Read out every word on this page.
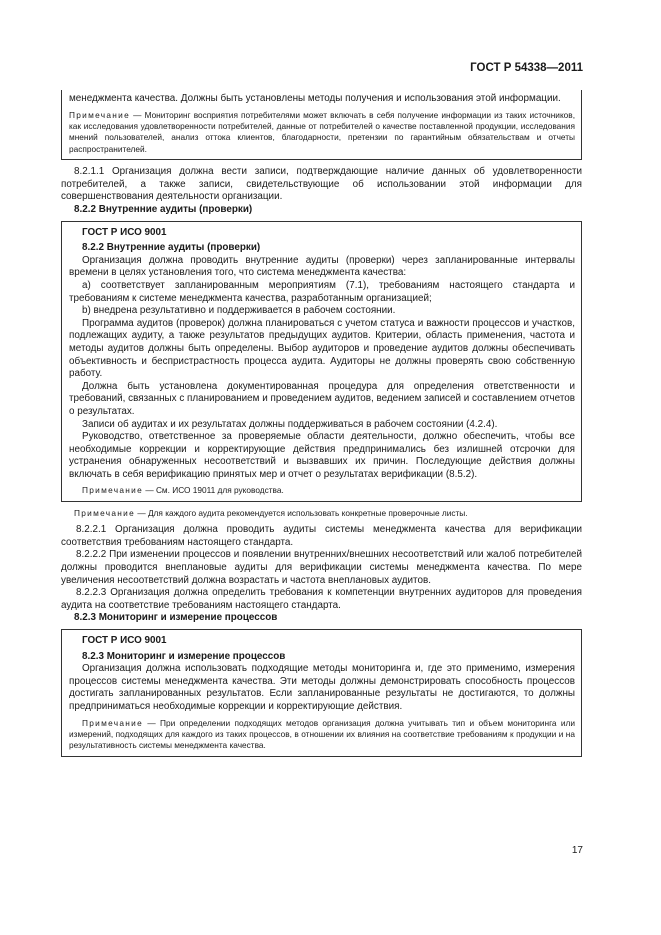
ГОСТ Р 54338—2011

менеджмента качества. Должны быть установлены методы получения и использования этой информации.

Примечание — Мониторинг восприятия потребителями может включать в себя получение информации из таких источников, как исследования удовлетворенности потребителей, данные от потребителей о качестве поставленной продукции, исследования мнений пользователей, анализ оттока клиентов, благодарности, претензии по гарантийным обязательствам и отчеты распространителей.

8.2.1.1 Организация должна вести записи, подтверждающие наличие данных об удовлетворенности потребителей, а также записи, свидетельствующие об использовании этой информации для совершенствования деятельности организации.

8.2.2 Внутренние аудиты (проверки)

ГОСТ Р ИСО 9001

8.2.2 Внутренние аудиты (проверки)

Организация должна проводить внутренние аудиты (проверки) через запланированные интервалы времени в целях установления того, что система менеджмента качества:

a) соответствует запланированным мероприятиям (7.1), требованиям настоящего стандарта и требованиям к системе менеджмента качества, разработанным организацией;

b) внедрена результативно и поддерживается в рабочем состоянии.

Программа аудитов (проверок) должна планироваться с учетом статуса и важности процессов и участков, подлежащих аудиту, а также результатов предыдущих аудитов. Критерии, область применения, частота и методы аудитов должны быть определены. Выбор аудиторов и проведение аудитов должны обеспечивать объективность и беспристрастность процесса аудита. Аудиторы не должны проверять свою собственную работу.

Должна быть установлена документированная процедура для определения ответственности и требований, связанных с планированием и проведением аудитов, ведением записей и составлением отчетов о результатах.

Записи об аудитах и их результатах должны поддерживаться в рабочем состоянии (4.2.4).

Руководство, ответственное за проверяемые области деятельности, должно обеспечить, чтобы все необходимые коррекции и корректирующие действия предпринимались без излишней отсрочки для устранения обнаруженных несоответствий и вызвавших их причин. Последующие действия должны включать в себя верификацию принятых мер и отчет о результатах верификации (8.5.2).

Примечание — См. ИСО 19011 для руководства.
Примечание — Для каждого аудита рекомендуется использовать конкретные проверочные листы.

8.2.2.1 Организация должна проводить аудиты системы менеджмента качества для верификации соответствия требованиям настоящего стандарта.

8.2.2.2 При изменении процессов и появлении внутренних/внешних несоответствий или жалоб потребителей должны проводится внеплановые аудиты для верификации системы менеджмента качества. По мере увеличения несоответствий должна возрастать и частота внеплановых аудитов.

8.2.2.3 Организация должна определить требования к компетенции внутренних аудиторов для проведения аудита на соответствие требованиям настоящего стандарта.

8.2.3 Мониторинг и измерение процессов

ГОСТ Р ИСО 9001

8.2.3 Мониторинг и измерение процессов

Организация должна использовать подходящие методы мониторинга и, где это применимо, измерения процессов системы менеджмента качества. Эти методы должны демонстрировать способность процессов достигать запланированных результатов. Если запланированные результаты не достигаются, то должны предприниматься необходимые коррекции и корректирующие действия.

Примечание — При определении подходящих методов организация должна учитывать тип и объем мониторинга или измерений, подходящих для каждого из таких процессов, в отношении их влияния на соответствие требованиям к продукции и на результативность системы менеджмента качества.
17
